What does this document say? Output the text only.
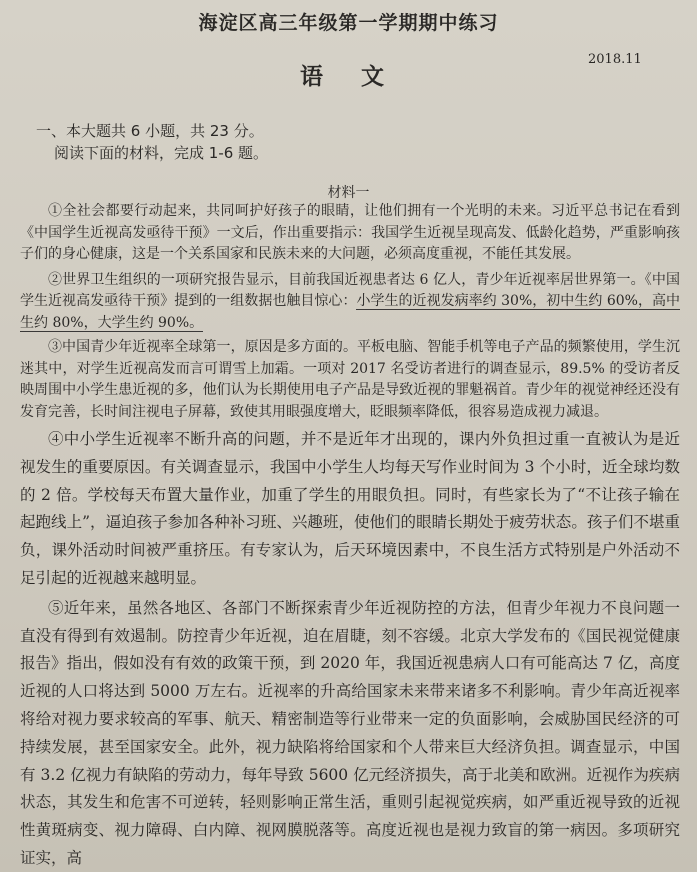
海淀区高三年级第一学期期中练习
语文
2018.11
一、本大题共 6 小题，共 23 分。
阅读下面的材料，完成 1-6 题。
材料一

①全社会都要行动起来，共同呵护好孩子的眼睛，让他们拥有一个光明的未来。习近平总书记在看到《中国学生近视高发亟待干预》一文后，作出重要指示：我国学生近视呈现高发、低龄化趋势，严重影响孩子们的身心健康，这是一个关系国家和民族未来的大问题，必须高度重视，不能任其发展。

②世界卫生组织的一项研究报告显示，目前我国近视患者达 6 亿人，青少年近视率居世界第一。《中国学生近视高发亟待干预》提到的一组数据也触目惊心：小学生的近视发病率约 30%，初中生约 60%，高中生约 80%，大学生约 90%。

③中国青少年近视率全球第一，原因是多方面的。平板电脑、智能手机等电子产品的频繁使用，学生沉迷其中，对学生近视高发而言可谓雪上加霜。一项对 2017 名受访者进行的调查显示，89.5% 的受访者反映周围中小学生患近视的多，他们认为长期使用电子产品是导致近视的罪魁祸首。青少年的视觉神经还没有发育完善，长时间注视电子屏幕，致使其用眼强度增大，眨眼频率降低，很容易造成视力减退。

④中小学生近视率不断升高的问题，并不是近年才出现的，课内外负担过重一直被认为是近视发生的重要原因。有关调查显示，我国中小学生人均每天写作业时间为 3 个小时，近全球均数的 2 倍。学校每天布置大量作业，加重了学生的用眼负担。同时，有些家长为了“不让孩子输在起跑线上”，逼迫孩子参加各种补习班、兴趣班，使他们的眼睛长期处于疲劳状态。孩子们不堪重负，课外活动时间被严重挤压。有专家认为，后天环境因素中，不良生活方式特别是户外活动不足引起的近视越来越明显。

⑤近年来，虽然各地区、各部门不断探索青少年近视防控的方法，但青少年视力不良问题一直没有得到有效遏制。防控青少年近视，迫在眉睫，刻不容缓。北京大学发布的《国民视觉健康报告》指出，假如没有有效的政策干预，到 2020 年，我国近视患病人口有可能高达 7 亿，高度近视的人口将达到 5000 万左右。近视率的升高给国家未来带来诸多不利影响。青少年高近视率将给对视力要求较高的军事、航天、精密制造等行业带来一定的负面影响，会威胁国民经济的可持续发展，甚至国家安全。此外，视力缺陷将给国家和个人带来巨大经济负担。调查显示，中国有 3.2 亿视力有缺陷的劳动力，每年导致 5600 亿元经济损失，高于北美和欧洲。近视作为疾病状态，其发生和危害不可逆转，轻则影响正常生活，重则引起视觉疾病，如严重近视导致的近视性黄斑病变、视力障碍、白内障、视网膜脱落等。高度近视也是视力致盲的第一病因。多项研究证实，高
